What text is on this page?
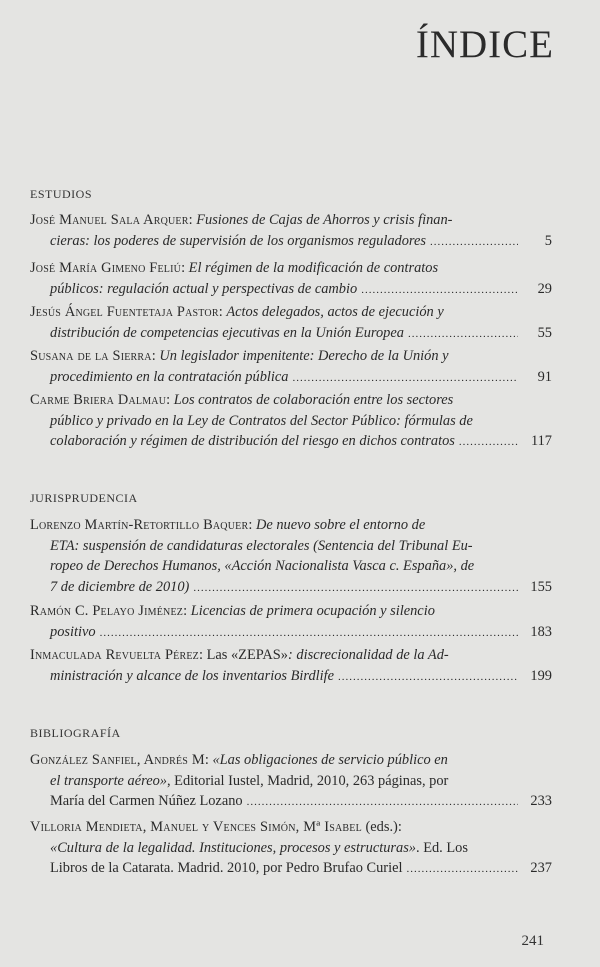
ÍNDICE
ESTUDIOS
José Manuel Sala Arquer: Fusiones de Cajas de Ahorros y crisis finan-
cieras: los poderes de supervisión de los organismos reguladores .....	5
José María Gimeno Feliú: El régimen de la modificación de contratos
públicos: regulación actual y perspectivas de cambio .....	29
Jesús Ángel Fuentetaja Pastor: Actos delegados, actos de ejecución y
distribución de competencias ejecutivas en la Unión Europea .....	55
Susana de la Sierra: Un legislador impenitente: Derecho de la Unión y
procedimiento en la contratación pública .....	91
Carme Briera Dalmau: Los contratos de colaboración entre los sectores
público y privado en la Ley de Contratos del Sector Público: fórmulas de
colaboración y régimen de distribución del riesgo en dichos contratos .....	117
JURISPRUDENCIA
Lorenzo Martín-Retortillo Baquer: De nuevo sobre el entorno de
ETA: suspensión de candidaturas electorales (Sentencia del Tribunal Eu-
ropeo de Derechos Humanos, «Acción Nacionalista Vasca c. España», de
7 de diciembre de 2010) .....	155
Ramón C. Pelayo Jiménez: Licencias de primera ocupación y silencio
positivo .....	183
Inmaculada Revuelta Pérez: Las «ZEPAS»: discrecionalidad de la Ad-
ministración y alcance de los inventarios Birdlife .....	199
BIBLIOGRAFÍA
González Sanfiel, Andrés M: «Las obligaciones de servicio público en
el transporte aéreo», Editorial Iustel, Madrid, 2010, 263 páginas, por
María del Carmen Núñez Lozano .....	233
Villoria Mendieta, Manuel y Vences Simón, Mª Isabel (eds.):
«Cultura de la legalidad. Instituciones, procesos y estructuras». Ed. Los
Libros de la Catarata. Madrid. 2010, por Pedro Brufao Curiel .....	237
241
